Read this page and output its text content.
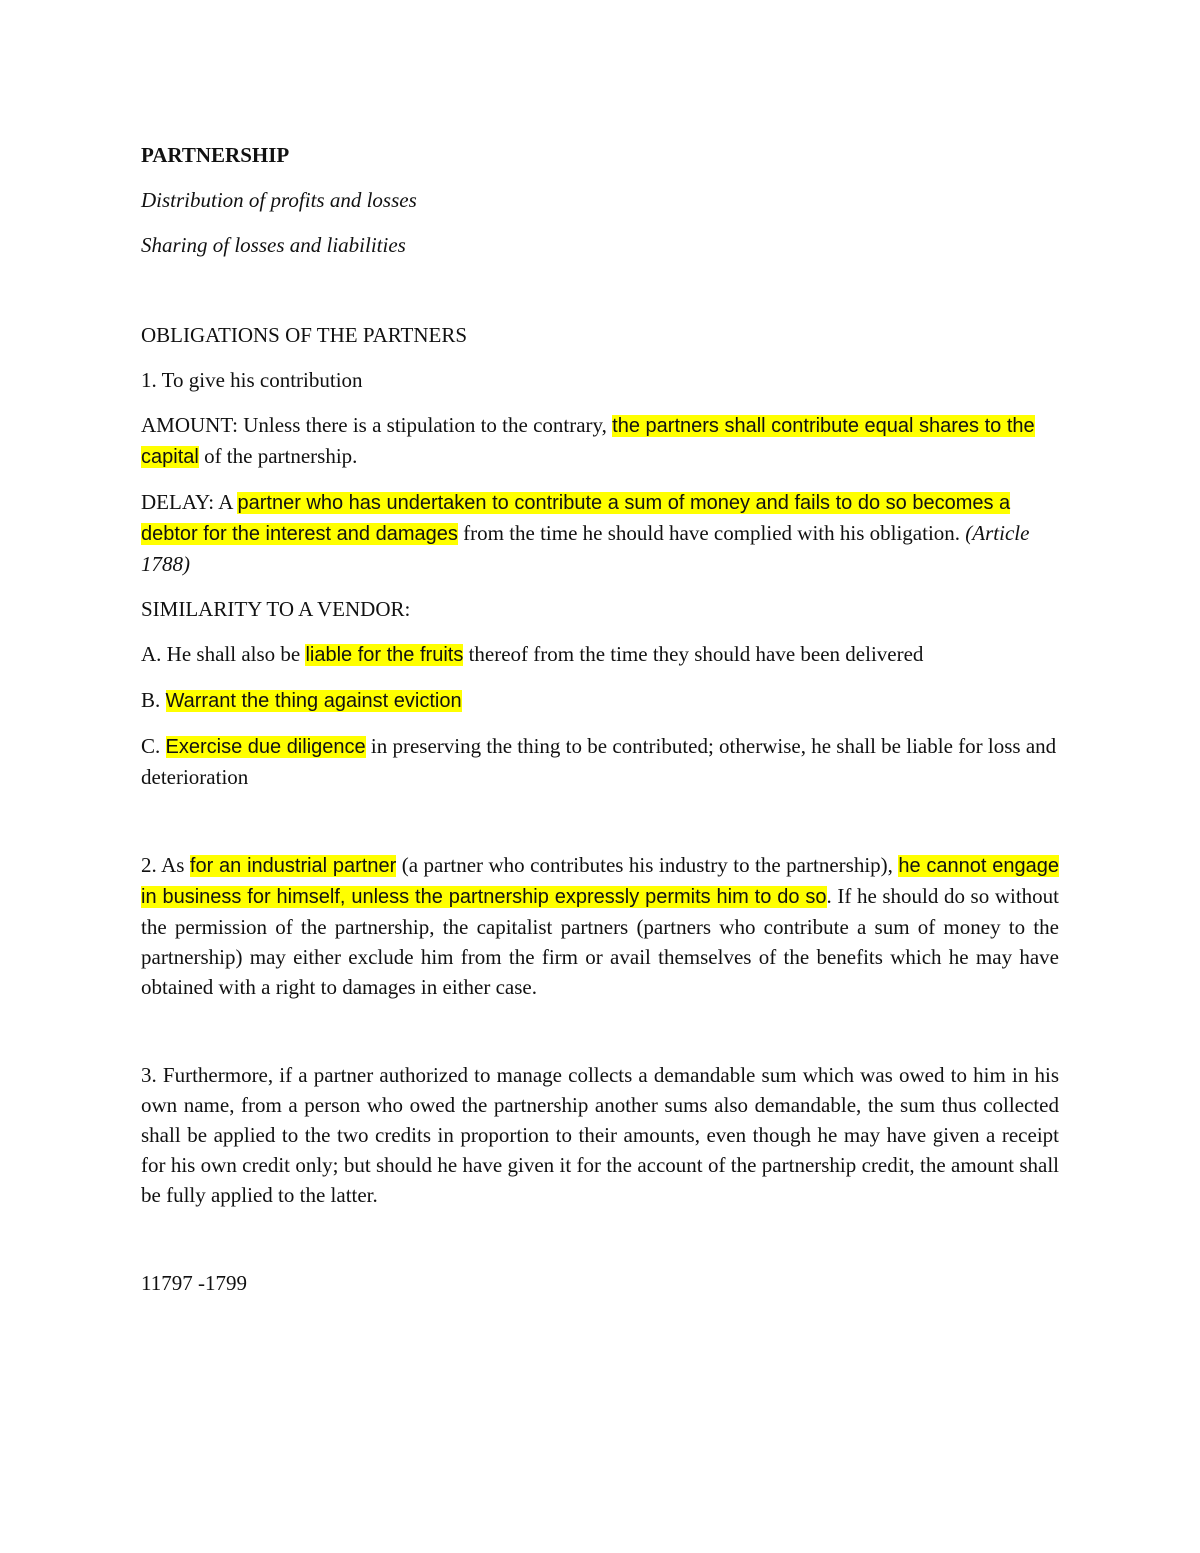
PARTNERSHIP

Distribution of profits and losses

Sharing of losses and liabilities

OBLIGATIONS OF THE PARTNERS

1. To give his contribution

AMOUNT: Unless there is a stipulation to the contrary, the partners shall contribute equal shares to the capital of the partnership.

DELAY: A partner who has undertaken to contribute a sum of money and fails to do so becomes a debtor for the interest and damages from the time he should have complied with his obligation. (Article 1788)

SIMILARITY TO A VENDOR:

A. He shall also be liable for the fruits thereof from the time they should have been delivered

B. Warrant the thing against eviction

C. Exercise due diligence in preserving the thing to be contributed; otherwise, he shall be liable for loss and deterioration

2. As for an industrial partner (a partner who contributes his industry to the partnership), he cannot engage in business for himself, unless the partnership expressly permits him to do so. If he should do so without the permission of the partnership, the capitalist partners (partners who contribute a sum of money to the partnership) may either exclude him from the firm or avail themselves of the benefits which he may have obtained with a right to damages in either case.

3. Furthermore, if a partner authorized to manage collects a demandable sum which was owed to him in his own name, from a person who owed the partnership another sums also demandable, the sum thus collected shall be applied to the two credits in proportion to their amounts, even though he may have given a receipt for his own credit only; but should he have given it for the account of the partnership credit, the amount shall be fully applied to the latter.

11797 -1799
